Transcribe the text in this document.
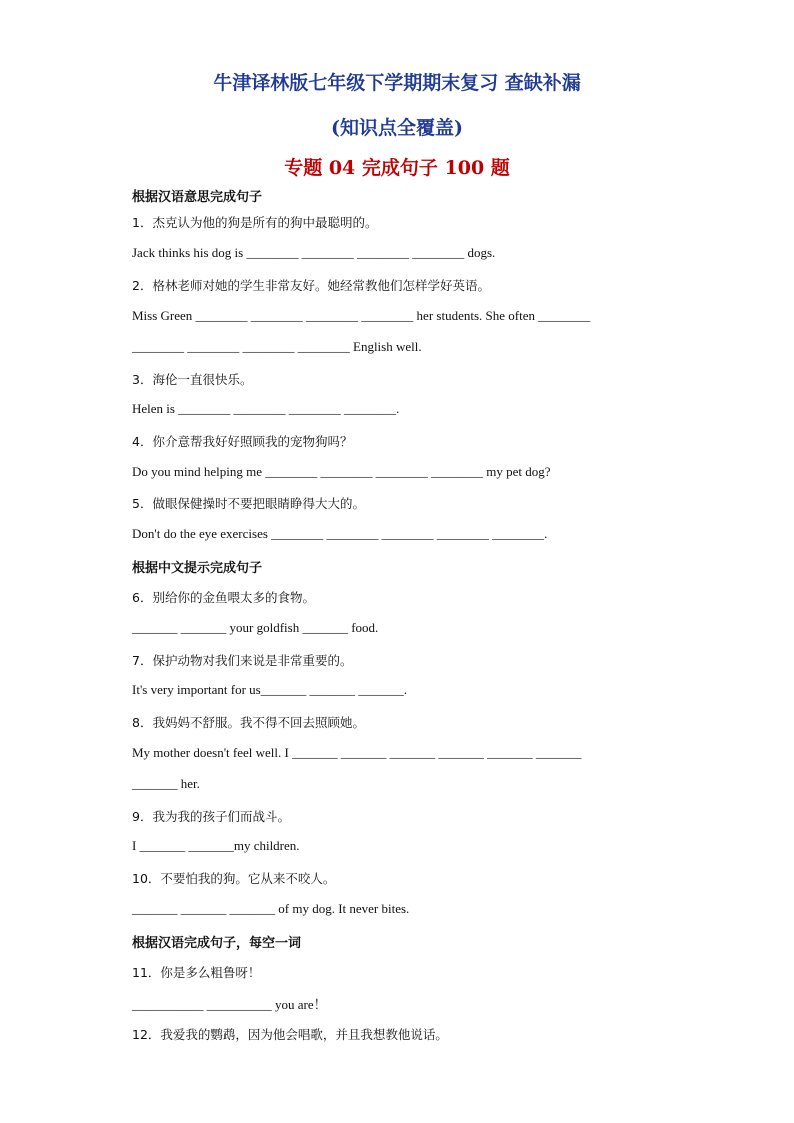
牛津译林版七年级下学期期末复习 查缺补漏
(知识点全覆盖)
专题 04 完成句子 100 题
根据汉语意思完成句子
1．杰克认为他的狗是所有的狗中最聪明的。
Jack thinks his dog is ________ ________ ________ ________ dogs.
2．格林老师对她的学生非常友好。她经常教他们怎样学好英语。
Miss Green ________ ________ ________ ________ her students. She often ________
________ ________ ________ ________ English well.
3．海伦一直很快乐。
Helen is ________ ________ ________ ________.
4．你介意帮我好好照顾我的宠物狗吗？
Do you mind helping me ________ ________ ________ ________ my pet dog?
5．做眼保健操时不要把眼睛睁得大大的。
Don't do the eye exercises ________ ________ ________ ________ ________.
根据中文提示完成句子
6．别给你的金鱼喂太多的食物。
_______ _______ your goldfish _______ food.
7．保护动物对我们来说是非常重要的。
It's very important for us_______ _______ _______.
8．我妈妈不舒服。我不得不回去照顾她。
My mother doesn't feel well. I _______ _______ _______ _______ _______ _______
_______ her.
9．我为我的孩子们而战斗。
I _______ _______my children.
10．不要怕我的狗。它从来不咬人。
_______ _______ _______ of my dog. It never bites.
根据汉语完成句子，每空一词
11．你是多么粗鲁呀！
___________ __________ you are！
12．我爱我的鹦鹉，因为他会唱歌，并且我想教他说话。
